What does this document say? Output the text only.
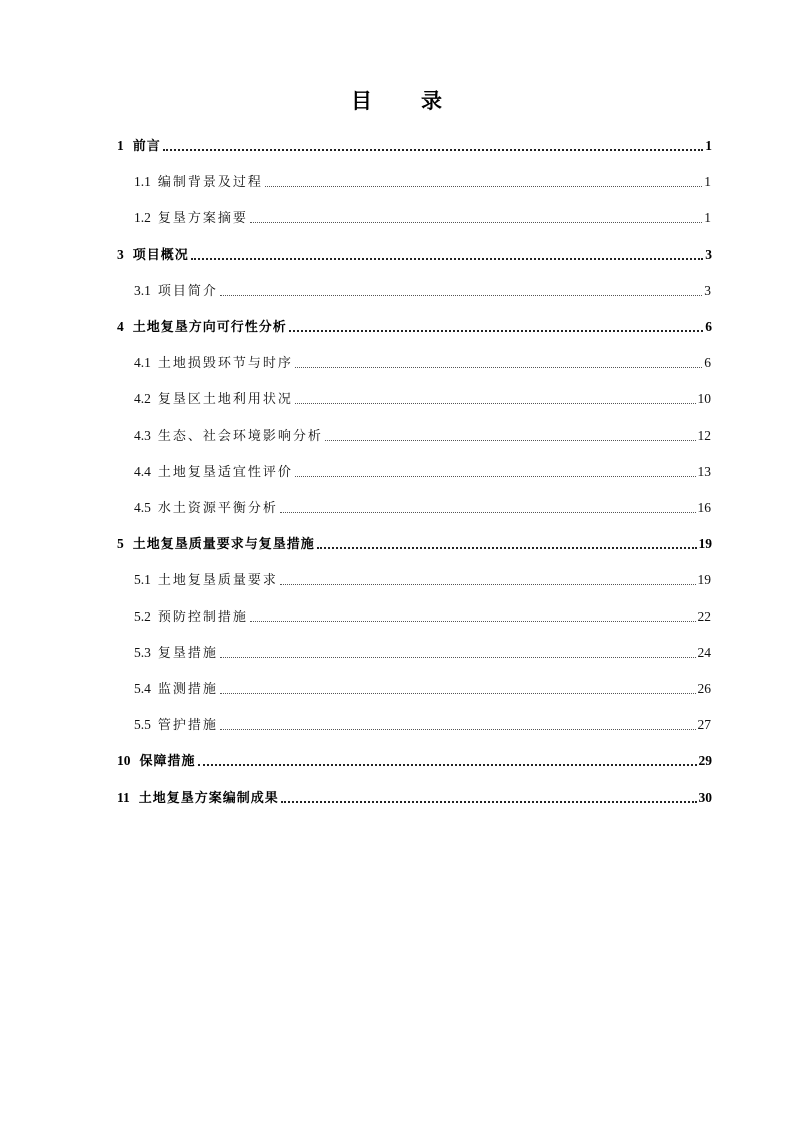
目　录
1 前言	1
1.1 编制背景及过程	1
1.2 复垦方案摘要	1
3 项目概况	3
3.1 项目简介	3
4 土地复垦方向可行性分析	6
4.1 土地损毁环节与时序	6
4.2 复垦区土地利用状况	10
4.3 生态、社会环境影响分析	12
4.4 土地复垦适宜性评价	13
4.5 水土资源平衡分析	16
5 土地复垦质量要求与复垦措施	19
5.1 土地复垦质量要求	19
5.2 预防控制措施	22
5.3 复垦措施	24
5.4 监测措施	26
5.5 管护措施	27
10 保障措施	29
11 土地复垦方案编制成果	30
